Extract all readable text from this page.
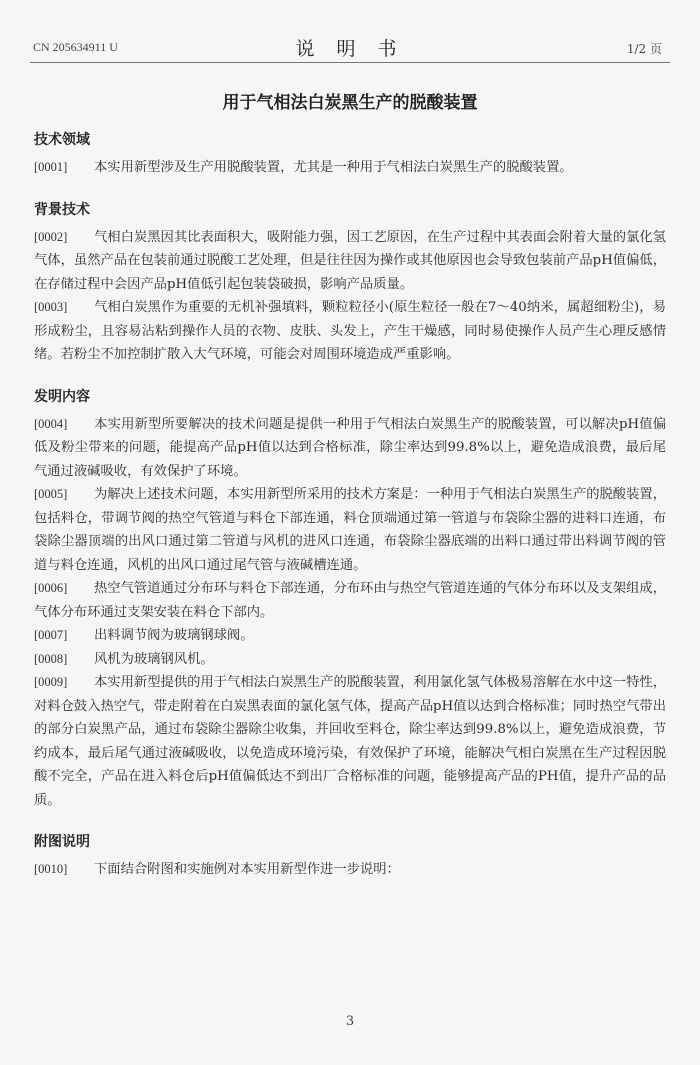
CN 205634911 U	说 明 书	1/2 页
用于气相法白炭黑生产的脱酸装置
技术领域

[0001] 本实用新型涉及生产用脱酸装置，尤其是一种用于气相法白炭黑生产的脱酸装置。

背景技术

[0002] 气相白炭黑因其比表面积大，吸附能力强，因工艺原因，在生产过程中其表面会附着大量的氯化氢气体，虽然产品在包装前通过脱酸工艺处理，但是往往因为操作或其他原因也会导致包装前产品pH值偏低，在存储过程中会因产品pH值低引起包装袋破损，影响产品质量。

[0003] 气相白炭黑作为重要的无机补强填料，颗粒粒径小(原生粒径一般在7～40纳米，属超细粉尘)，易形成粉尘，且容易沾粘到操作人员的衣物、皮肤、头发上，产生干燥感，同时易使操作人员产生心理反感情绪。若粉尘不加控制扩散入大气环境，可能会对周围环境造成严重影响。

发明内容

[0004] 本实用新型所要解决的技术问题是提供一种用于气相法白炭黑生产的脱酸装置，可以解决pH值偏低及粉尘带来的问题，能提高产品pH值以达到合格标准，除尘率达到99.8%以上，避免造成浪费，最后尾气通过液碱吸收，有效保护了环境。

[0005] 为解决上述技术问题，本实用新型所采用的技术方案是：一种用于气相法白炭黑生产的脱酸装置，包括料仓，带调节阀的热空气管道与料仓下部连通，料仓顶端通过第一管道与布袋除尘器的进料口连通，布袋除尘器顶端的出风口通过第二管道与风机的进风口连通，布袋除尘器底端的出料口通过带出料调节阀的管道与料仓连通，风机的出风口通过尾气管与液碱槽连通。

[0006] 热空气管道通过分布环与料仓下部连通，分布环由与热空气管道连通的气体分布环以及支架组成，气体分布环通过支架安装在料仓下部内。

[0007] 出料调节阀为玻璃钢球阀。

[0008] 风机为玻璃钢风机。

[0009] 本实用新型提供的用于气相法白炭黑生产的脱酸装置，利用氯化氢气体极易溶解在水中这一特性，对料仓鼓入热空气，带走附着在白炭黑表面的氯化氢气体，提高产品pH值以达到合格标准；同时热空气带出的部分白炭黑产品，通过布袋除尘器除尘收集，并回收至料仓，除尘率达到99.8%以上，避免造成浪费，节约成本，最后尾气通过液碱吸收，以免造成环境污染，有效保护了环境，能解决气相白炭黑在生产过程因脱酸不完全，产品在进入料仓后pH值偏低达不到出厂合格标准的问题，能够提高产品的PH值，提升产品的品质。

附图说明

[0010] 下面结合附图和实施例对本实用新型作进一步说明：

3
